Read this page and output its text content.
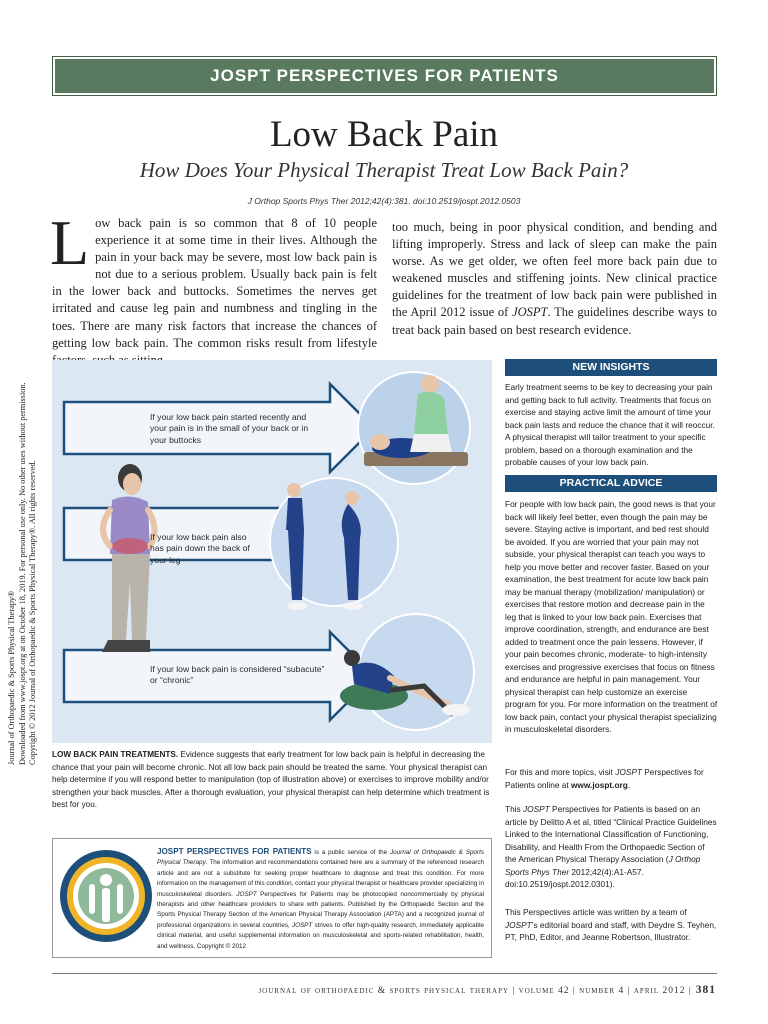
JOSPT PERSPECTIVES FOR PATIENTS
Low Back Pain
How Does Your Physical Therapist Treat Low Back Pain?
J Orthop Sports Phys Ther 2012;42(4):381. doi:10.2519/jospt.2012.0503
Journal of Orthopaedic & Sports Physical Therapy® Downloaded from www.jospt.org at on October 18, 2019. For personal use only. No other uses without permission. Copyright © 2012 Journal of Orthopaedic & Sports Physical Therapy®. All rights reserved.
Low back pain is so common that 8 of 10 people experience it at some time in their lives. Although the pain in your back may be severe, most low back pain is not due to a serious problem. Usually back pain is felt in the lower back and buttocks. Sometimes the nerves get irritated and cause leg pain and numbness and tingling in the toes. There are many risk factors that increase the chances of getting low back pain. The common risks result from lifestyle
too much, being in poor physical condition, and bending and lifting improperly. Stress and lack of sleep can make the pain worse. As we get older, we often feel more back pain due to weakened muscles and stiffening joints. New clinical practice guidelines for the treatment of low back pain were published in the April 2012 issue of JOSPT. The guidelines describe ways to treat back pain based on best research evidence.
If your low back pain started recently and your pain is in the small of your back or in your buttocks
If your low back pain also has pain down the back of your leg
If your low back pain is considered “subacute” or “chronic”
LOW BACK PAIN TREATMENTS. Evidence suggests that early treatment for low back pain is helpful in decreasing the chance that your pain will become chronic. Not all low back pain should be treated the same. Your physical therapist can help determine if you will respond better to manipulation (top of illustration above) or exercises to improve mobility and/or strengthen your back muscles. After a thorough evaluation, your physical therapist can help determine which treatment is best for you.
NEW INSIGHTS
Early treatment seems to be key to decreasing your pain and getting back to full activity. Treatments that focus on exercise and staying active limit the amount of time your back pain lasts and reduce the chance that it will reoccur. A physical therapist will tailor treatment to your specific problem, based on a thorough examination and the probable causes of your low back pain.
PRACTICAL ADVICE
For people with low back pain, the good news is that your back will likely feel better, even though the pain may be severe. Staying active is important, and bed rest should be avoided. If you are worried that your pain may not subside, your physical therapist can teach you ways to help you move better and recover faster. Based on your examination, the best treatment for acute low back pain may be manual therapy (mobilization/ manipulation) or exercises that restore motion and decrease pain in the leg that is linked to your low back pain. Exercises that improve coordination, strength, and endurance are best added to treatment once the pain lessens. However, if your pain becomes chronic, moderate- to high-intensity exercises and progressive exercises that focus on fitness and endurance are helpful in pain management. Your physical therapist can help customize an exercise program for you. For more information on the treatment of low back pain, contact your physical therapist specializing in musculoskeletal disorders.
For this and more topics, visit JOSPT Perspectives for Patients online at www.jospt.org.
This JOSPT Perspectives for Patients is based on an article by Delitto A et al, titled “Clinical Practice Guidelines Linked to the International Classification of Functioning, Disability, and Health From the Orthopaedic Section of the American Physical Therapy Association (J Orthop Sports Phys Ther 2012;42(4):A1-A57. doi:10.2519/jospt.2012.0301).
This Perspectives article was written by a team of JOSPT’s editorial board and staff, with Deydre S. Teyhen, PT, PhD, Editor, and Jeanne Robertson, Illustrator.
JOSPT PERSPECTIVES FOR PATIENTS is a public service of the Journal of Orthopaedic & Sports Physical Therapy. The information and recommendations contained here are a summary of the referenced research article and are not a substitute for seeking proper healthcare to diagnose and treat this condition. For more information on the management of this condition, contact your physical therapist or healthcare provider specializing in musculoskeletal disorders. JOSPT Perspectives for Patients may be photocopied noncommercially by physical therapists and other healthcare providers to share with patients. Published by the Orthopaedic Section and the Sports Physical Therapy Section of the American Physical Therapy Association (APTA) and a recognized journal of professional organizations in several countries, JOSPT strives to offer high-quality research, immediately applicable clinical material, and useful supplemental information on musculoskeletal and sports-related rehabilitation, health, and wellness. Copyright © 2012
journal of orthopaedic & sports physical therapy | volume 42 | number 4 | april 2012 | 381
